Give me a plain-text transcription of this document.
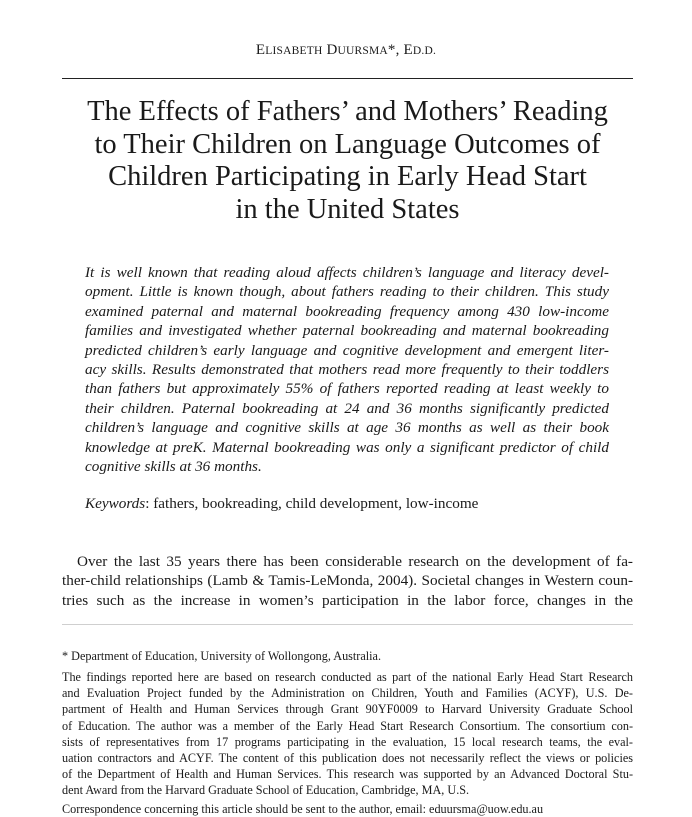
ELISABETH DUURSMA*, ED.D.
The Effects of Fathers’ and Mothers’ Reading
to Their Children on Language Outcomes of
Children Participating in Early Head Start
in the United States
It is well known that reading aloud affects children’s language and literacy devel-
opment. Little is known though, about fathers reading to their children. This study
examined paternal and maternal bookreading frequency among 430 low-income
families and investigated whether paternal bookreading and maternal bookreading
predicted children’s early language and cognitive development and emergent liter-
acy skills. Results demonstrated that mothers read more frequently to their toddlers
than fathers but approximately 55% of fathers reported reading at least weekly to
their children. Paternal bookreading at 24 and 36 months significantly predicted
children’s language and cognitive skills at age 36 months as well as their book
knowledge at preK. Maternal bookreading was only a significant predictor of child
cognitive skills at 36 months.

Keywords: fathers, bookreading, child development, low-income

Over the last 35 years there has been considerable research on the development of fa-
ther-child relationships (Lamb & Tamis-LeMonda, 2004). Societal changes in Western coun-
tries such as the increase in women’s participation in the labor force, changes in the

* Department of Education, University of Wollongong, Australia.

The findings reported here are based on research conducted as part of the national Early Head Start Research
and Evaluation Project funded by the Administration on Children, Youth and Families (ACYF), U.S. De-
partment of Health and Human Services through Grant 90YF0009 to Harvard University Graduate School
of Education. The author was a member of the Early Head Start Research Consortium. The consortium con-
sists of representatives from 17 programs participating in the evaluation, 15 local research teams, the eval-
uation contractors and ACYF. The content of this publication does not necessarily reflect the views or policies
of the Department of Health and Human Services. This research was supported by an Advanced Doctoral Stu-
dent Award from the Harvard Graduate School of Education, Cambridge, MA, U.S.

Correspondence concerning this article should be sent to the author, email: eduursma@uow.edu.au
